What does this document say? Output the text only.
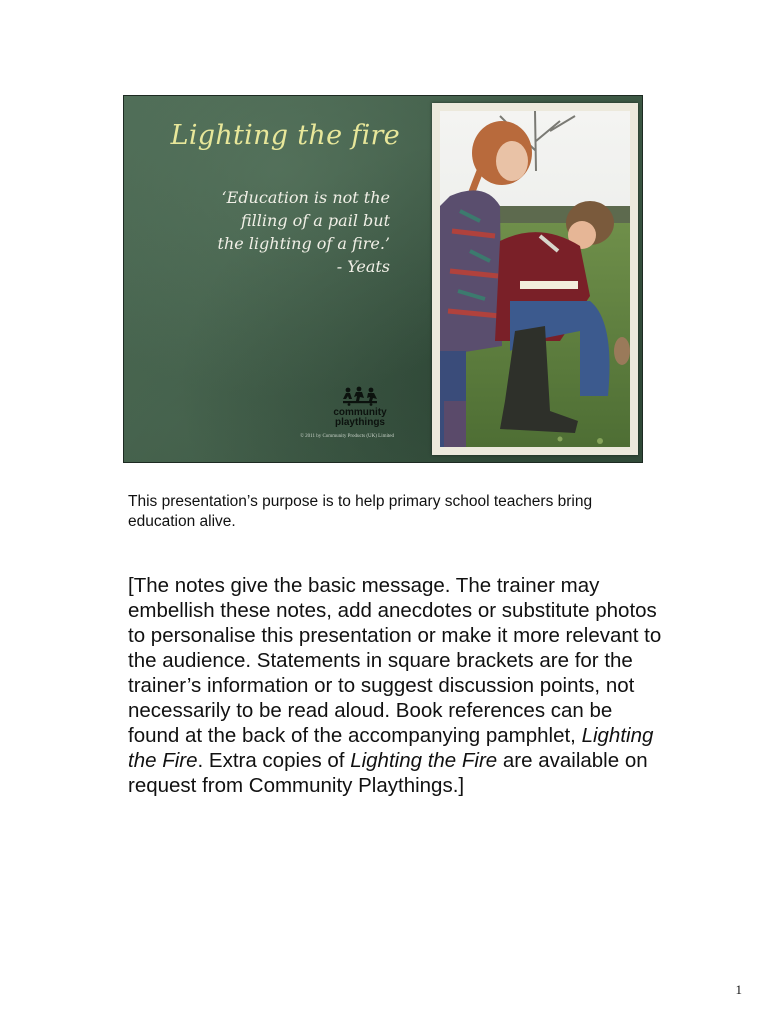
Lighting the fire
‘Education is not the
filling of a pail but
the lighting of a fire.’
- Yeats
community
playthings
© 2011 by Community Products (UK) Limited
This presentation’s purpose is to help primary school teachers bring education alive.
[The notes give the basic message. The trainer may embellish these notes, add anecdotes or substitute photos to personalise this presentation or make it more relevant to the audience. Statements in square brackets are for the trainer’s information or to suggest discussion points, not necessarily to be read aloud. Book references can be found at the back of the accompanying pamphlet, Lighting the Fire. Extra copies of Lighting the Fire are available on request from Community Playthings.]
1
